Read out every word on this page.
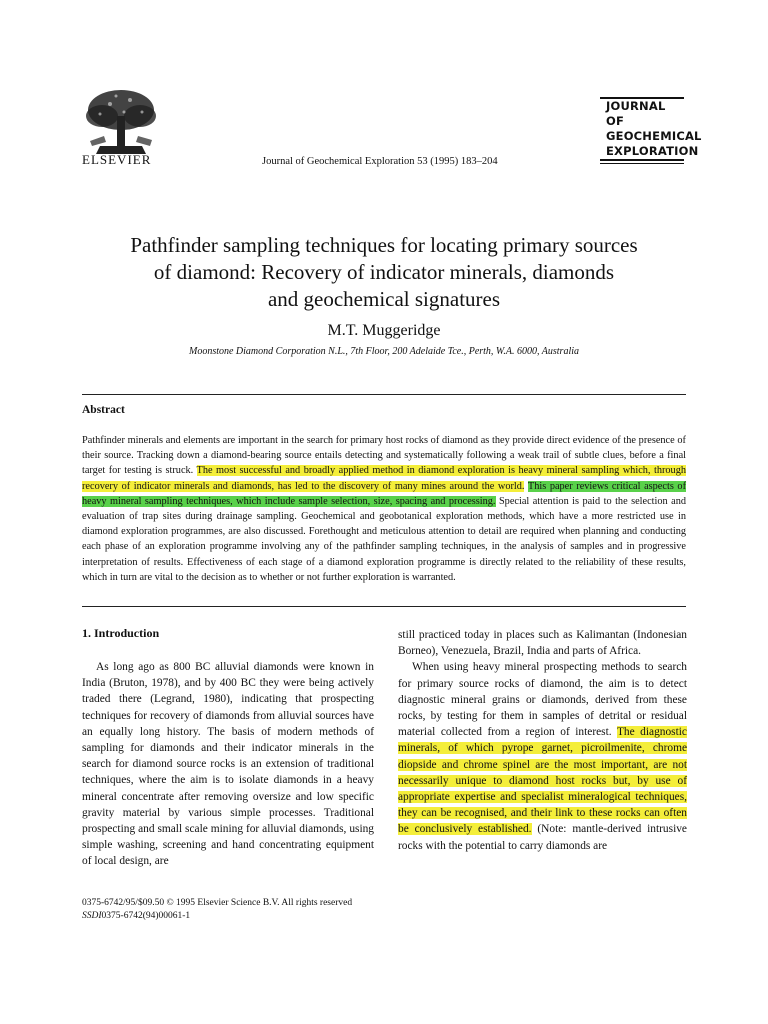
ELSEVIER	Journal of Geochemical Exploration 53 (1995) 183–204
JOURNAL OF
GEOCHEMICAL
EXPLORATION
Pathfinder sampling techniques for locating primary sources
of diamond: Recovery of indicator minerals, diamonds
and geochemical signatures
M.T. Muggeridge
Moonstone Diamond Corporation N.L., 7th Floor, 200 Adelaide Tce., Perth, W.A. 6000, Australia
Abstract
Pathfinder minerals and elements are important in the search for primary host rocks of diamond as they provide direct evidence of the presence of their source. Tracking down a diamond-bearing source entails detecting and systematically following a weak trail of subtle clues, before a final target for testing is struck. The most successful and broadly applied method in diamond exploration is heavy mineral sampling which, through recovery of indicator minerals and diamonds, has led to the discovery of many mines around the world. This paper reviews critical aspects of heavy mineral sampling techniques, which include sample selection, size, spacing and processing. Special attention is paid to the selection and evaluation of trap sites during drainage sampling. Geochemical and geobotanical exploration methods, which have a more restricted use in diamond exploration programmes, are also discussed. Forethought and meticulous attention to detail are required when planning and conducting each phase of an exploration programme involving any of the pathfinder sampling techniques, in the analysis of samples and in progressive interpretation of results. Effectiveness of each stage of a diamond exploration programme is directly related to the reliability of these results, which in turn are vital to the decision as to whether or not further exploration is warranted.
1. Introduction

As long ago as 800 BC alluvial diamonds were known in India (Bruton, 1978), and by 400 BC they were being actively traded there (Legrand, 1980), indicating that prospecting techniques for recovery of diamonds from alluvial sources have an equally long history. The basis of modern methods of sampling for diamonds and their indicator minerals in the search for diamond source rocks is an extension of traditional techniques, where the aim is to isolate diamonds in a heavy mineral concentrate after removing oversize and low specific gravity material by various simple processes. Traditional prospecting and small scale mining for alluvial diamonds, using simple washing, screening and hand concentrating equipment of local design, are

still practiced today in places such as Kalimantan (Indonesian Borneo), Venezuela, Brazil, India and parts of Africa.

When using heavy mineral prospecting methods to search for primary source rocks of diamond, the aim is to detect diagnostic mineral grains or diamonds, derived from these rocks, by testing for them in samples of detrital or residual material collected from a region of interest. The diagnostic minerals, of which pyrope garnet, picroilmenite, chrome diopside and chrome spinel are the most important, are not necessarily unique to diamond host rocks but, by use of appropriate expertise and specialist mineralogical techniques, they can be recognised, and their link to these rocks can often be conclusively established. (Note: mantle-derived intrusive rocks with the potential to carry diamonds are

0375-6742/95/$09.50 © 1995 Elsevier Science B.V. All rights reserved
SSDI0375-6742(94)00061-1
